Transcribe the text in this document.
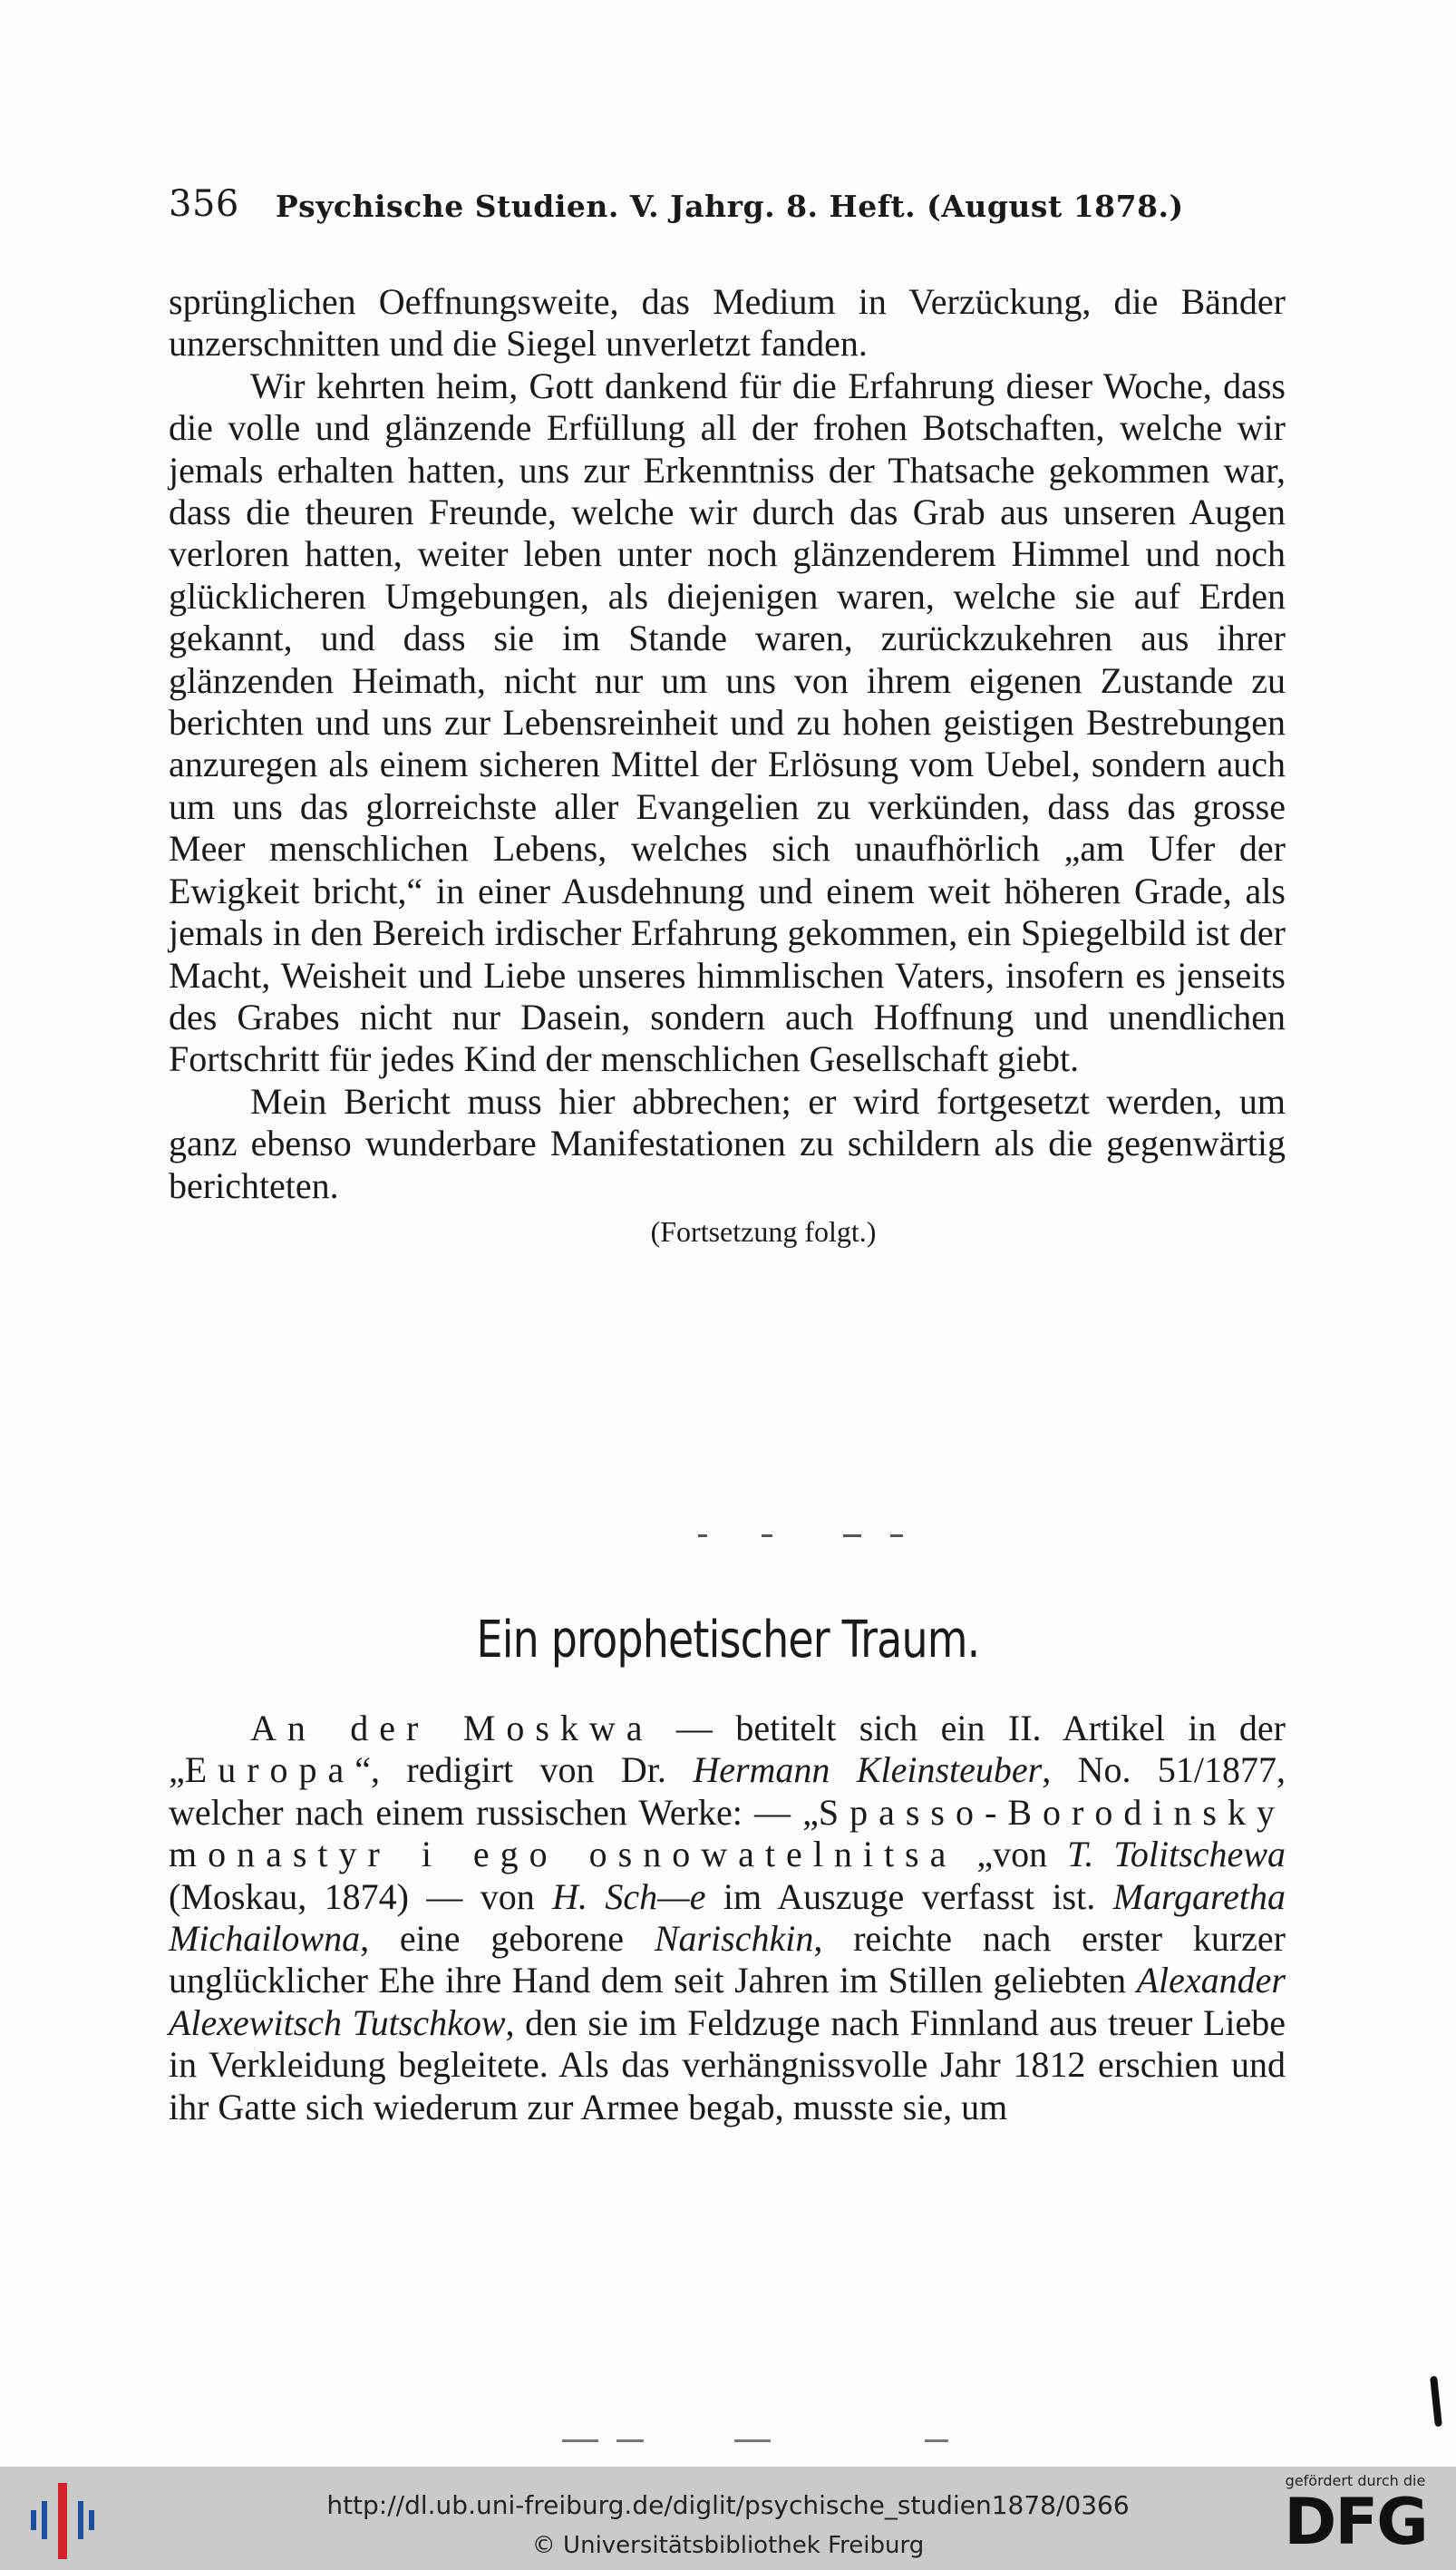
356 Psychische Studien. V. Jahrg. 8. Heft. (August 1878.)

sprünglichen Oeffnungsweite, das Medium in Verzückung, die Bänder unzerschnitten und die Siegel unverletzt fanden.

Wir kehrten heim, Gott dankend für die Erfahrung dieser Woche, dass die volle und glänzende Erfüllung all der frohen Botschaften, welche wir jemals erhalten hatten, uns zur Erkenntniss der Thatsache gekommen war, dass die theuren Freunde, welche wir durch das Grab aus unseren Augen verloren hatten, weiter leben unter noch glänzenderem Himmel und noch glücklicheren Umgebungen, als diejenigen waren, welche sie auf Erden gekannt, und dass sie im Stande waren, zurückzukehren aus ihrer glänzenden Heimath, nicht nur um uns von ihrem eigenen Zustande zu berichten und uns zur Lebensreinheit und zu hohen geistigen Bestrebungen anzuregen als einem sicheren Mittel der Erlösung vom Uebel, sondern auch um uns das glorreichste aller Evangelien zu verkünden, dass das grosse Meer menschlichen Lebens, welches sich unaufhörlich „am Ufer der Ewigkeit bricht,“ in einer Ausdehnung und einem weit höheren Grade, als jemals in den Bereich irdischer Erfahrung gekommen, ein Spiegelbild ist der Macht, Weisheit und Liebe unseres himmlischen Vaters, insofern es jenseits des Grabes nicht nur Dasein, sondern auch Hoffnung und unendlichen Fortschritt für jedes Kind der menschlichen Gesellschaft giebt.

Mein Bericht muss hier abbrechen; er wird fortgesetzt werden, um ganz ebenso wunderbare Manifestationen zu schildern als die gegenwärtig berichteten.

(Fortsetzung folgt.)
Ein prophetischer Traum.

An der Moskwa — betitelt sich ein II. Artikel in der „Europa“, redigirt von Dr. Hermann Kleinsteuber, No. 51/1877, welcher nach einem russischen Werke: — „Spasso-Borodinsky monastyr i ego osnowatelnitsa „von T. Tolitschewa (Moskau, 1874) — von H. Sch—e im Auszuge verfasst ist. Margaretha Michailowna, eine geborene Narischkin, reichte nach erster kurzer unglücklicher Ehe ihre Hand dem seit Jahren im Stillen geliebten Alexander Alexewitsch Tutschkow, den sie im Feldzuge nach Finnland aus treuer Liebe in Verkleidung begleitete. Als das verhängnissvolle Jahr 1812 erschien und ihr Gatte sich wiederum zur Armee begab, musste sie, um

http://dl.ub.uni-freiburg.de/diglit/psychische_studien1878/0366
© Universitätsbibliothek Freiburg
gefördert durch die
DFG
